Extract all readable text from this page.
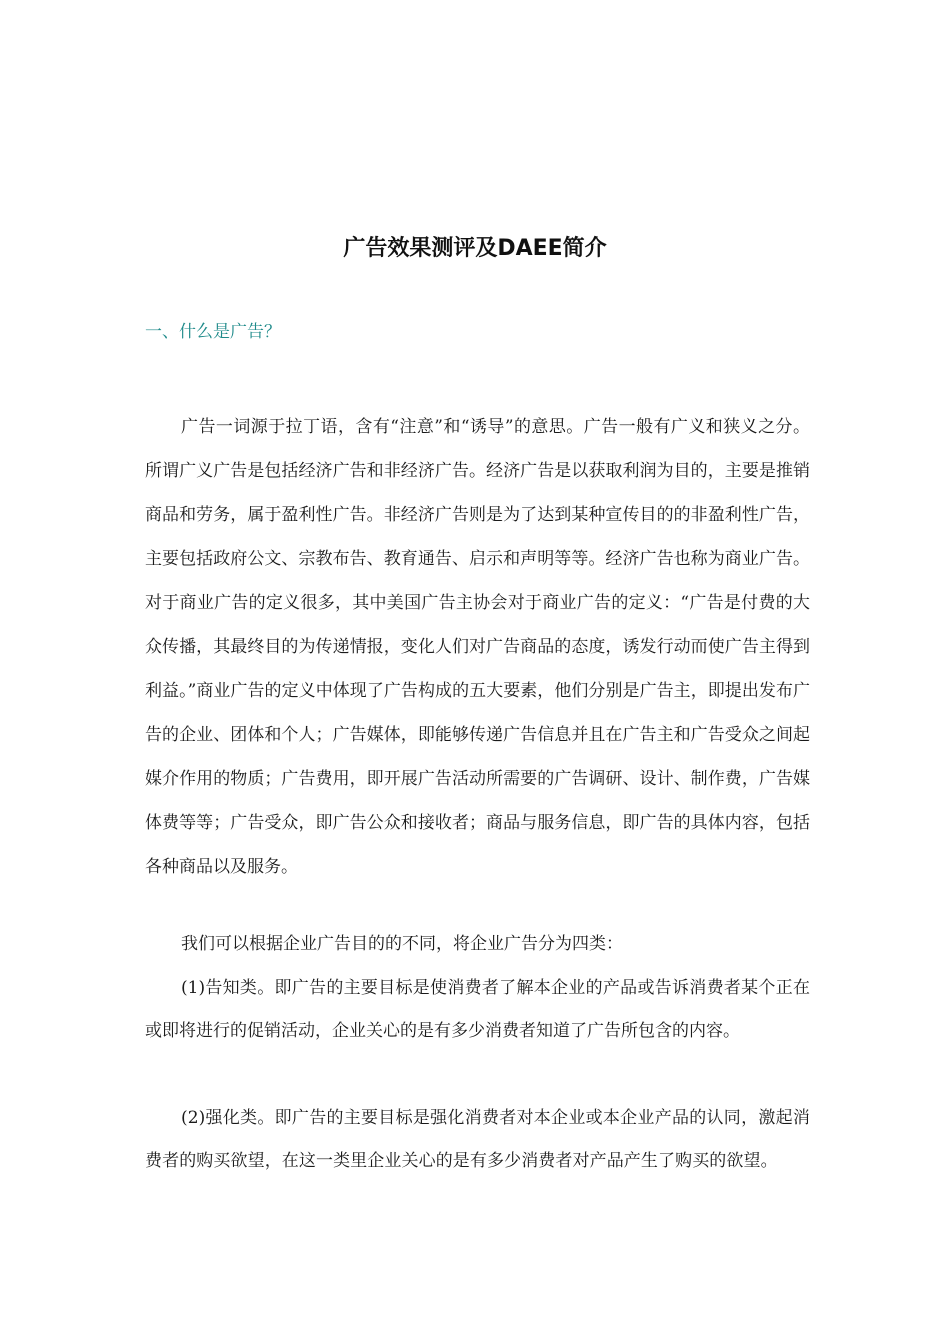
广告效果测评及DAEE简介
一、什么是广告？
广告一词源于拉丁语，含有“注意”和“诱导”的意思。广告一般有广义和狭义之分。所谓广义广告是包括经济广告和非经济广告。经济广告是以获取利润为目的，主要是推销商品和劳务，属于盈利性广告。非经济广告则是为了达到某种宣传目的的非盈利性广告，主要包括政府公文、宗教布告、教育通告、启示和声明等等。经济广告也称为商业广告。对于商业广告的定义很多，其中美国广告主协会对于商业广告的定义：“广告是付费的大众传播，其最终目的为传递情报，变化人们对广告商品的态度，诱发行动而使广告主得到利益。”商业广告的定义中体现了广告构成的五大要素，他们分别是广告主，即提出发布广告的企业、团体和个人；广告媒体，即能够传递广告信息并且在广告主和广告受众之间起媒介作用的物质；广告费用，即开展广告活动所需要的广告调研、设计、制作费，广告媒体费等等；广告受众，即广告公众和接收者；商品与服务信息，即广告的具体内容，包括各种商品以及服务。
我们可以根据企业广告目的的不同，将企业广告分为四类：
(1)告知类。即广告的主要目标是使消费者了解本企业的产品或告诉消费者某个正在或即将进行的促销活动，企业关心的是有多少消费者知道了广告所包含的内容。
(2)强化类。即广告的主要目标是强化消费者对本企业或本企业产品的认同，激起消费者的购买欲望，在这一类里企业关心的是有多少消费者对产品产生了购买的欲望。
